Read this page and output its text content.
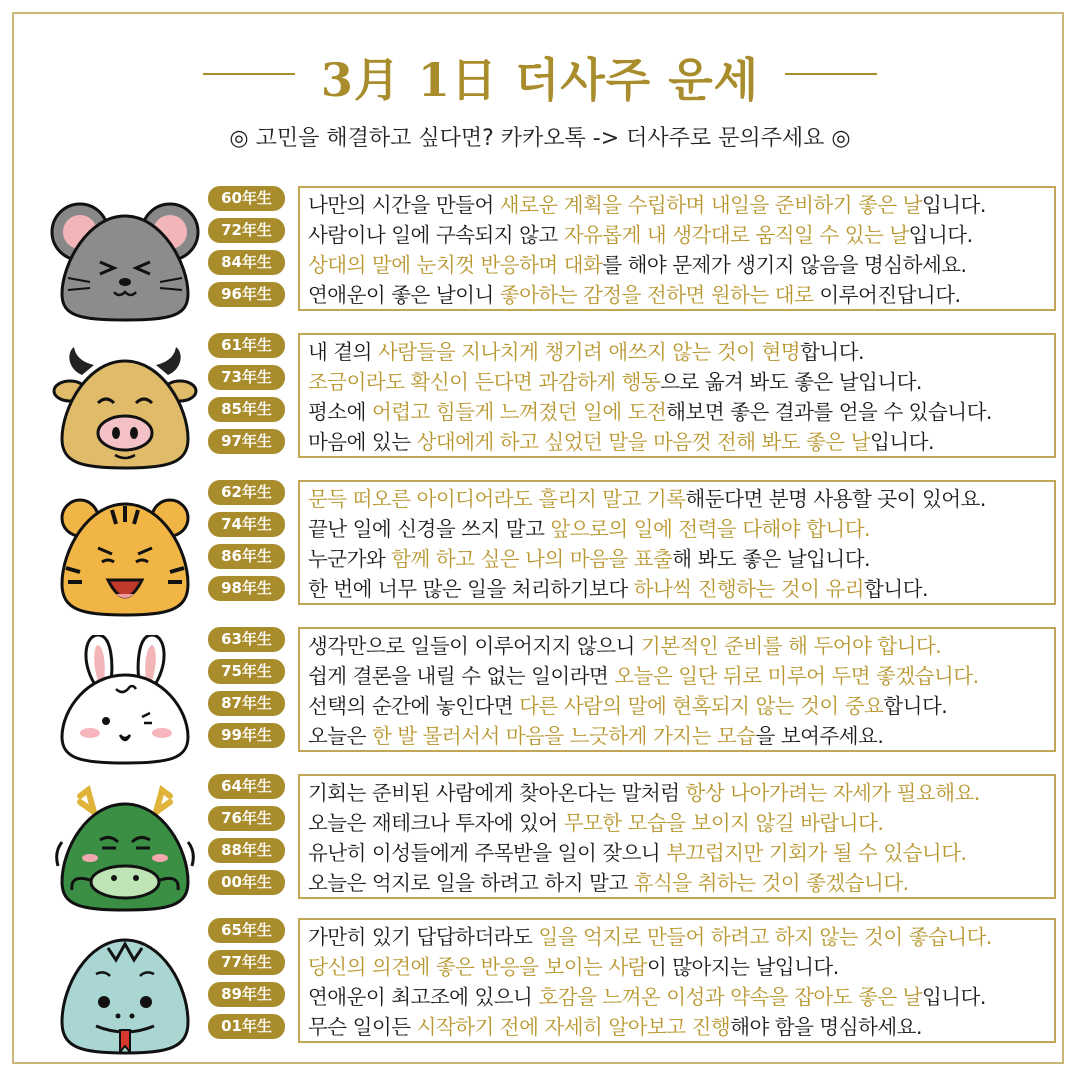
3月 1日 더사주 운세
◎ 고민을 해결하고 싶다면? 카카오톡 -> 더사주로 문의주세요 ◎
60年生
72年生
84年生
96年生
나만의 시간을 만들어 새로운 계획을 수립하며 내일을 준비하기 좋은 날입니다.
사람이나 일에 구속되지 않고 자유롭게 내 생각대로 움직일 수 있는 날입니다.
상대의 말에 눈치껏 반응하며 대화를 해야 문제가 생기지 않음을 명심하세요.
연애운이 좋은 날이니 좋아하는 감정을 전하면 원하는 대로 이루어진답니다.
61年生
73年生
85年生
97年生
내 곁의 사람들을 지나치게 챙기려 애쓰지 않는 것이 현명합니다.
조금이라도 확신이 든다면 과감하게 행동으로 옮겨 봐도 좋은 날입니다.
평소에 어렵고 힘들게 느껴졌던 일에 도전해보면 좋은 결과를 얻을 수 있습니다.
마음에 있는 상대에게 하고 싶었던 말을 마음껏 전해 봐도 좋은 날입니다.
62年生
74年生
86年生
98年生
문득 떠오른 아이디어라도 흘리지 말고 기록해둔다면 분명 사용할 곳이 있어요.
끝난 일에 신경을 쓰지 말고 앞으로의 일에 전력을 다해야 합니다.
누군가와 함께 하고 싶은 나의 마음을 표출해 봐도 좋은 날입니다.
한 번에 너무 많은 일을 처리하기보다 하나씩 진행하는 것이 유리합니다.
63年生
75年生
87年生
99年生
생각만으로 일들이 이루어지지 않으니 기본적인 준비를 해 두어야 합니다.
쉽게 결론을 내릴 수 없는 일이라면 오늘은 일단 뒤로 미루어 두면 좋겠습니다.
선택의 순간에 놓인다면 다른 사람의 말에 현혹되지 않는 것이 중요합니다.
오늘은 한 발 물러서서 마음을 느긋하게 가지는 모습을 보여주세요.
64年生
76年生
88年生
00年生
기회는 준비된 사람에게 찾아온다는 말처럼 항상 나아가려는 자세가 필요해요.
오늘은 재테크나 투자에 있어 무모한 모습을 보이지 않길 바랍니다.
유난히 이성들에게 주목받을 일이 잦으니 부끄럽지만 기회가 될 수 있습니다.
오늘은 억지로 일을 하려고 하지 말고 휴식을 취하는 것이 좋겠습니다.
65年生
77年生
89年生
01年生
가만히 있기 답답하더라도 일을 억지로 만들어 하려고 하지 않는 것이 좋습니다.
당신의 의견에 좋은 반응을 보이는 사람이 많아지는 날입니다.
연애운이 최고조에 있으니 호감을 느껴온 이성과 약속을 잡아도 좋은 날입니다.
무슨 일이든 시작하기 전에 자세히 알아보고 진행해야 함을 명심하세요.
